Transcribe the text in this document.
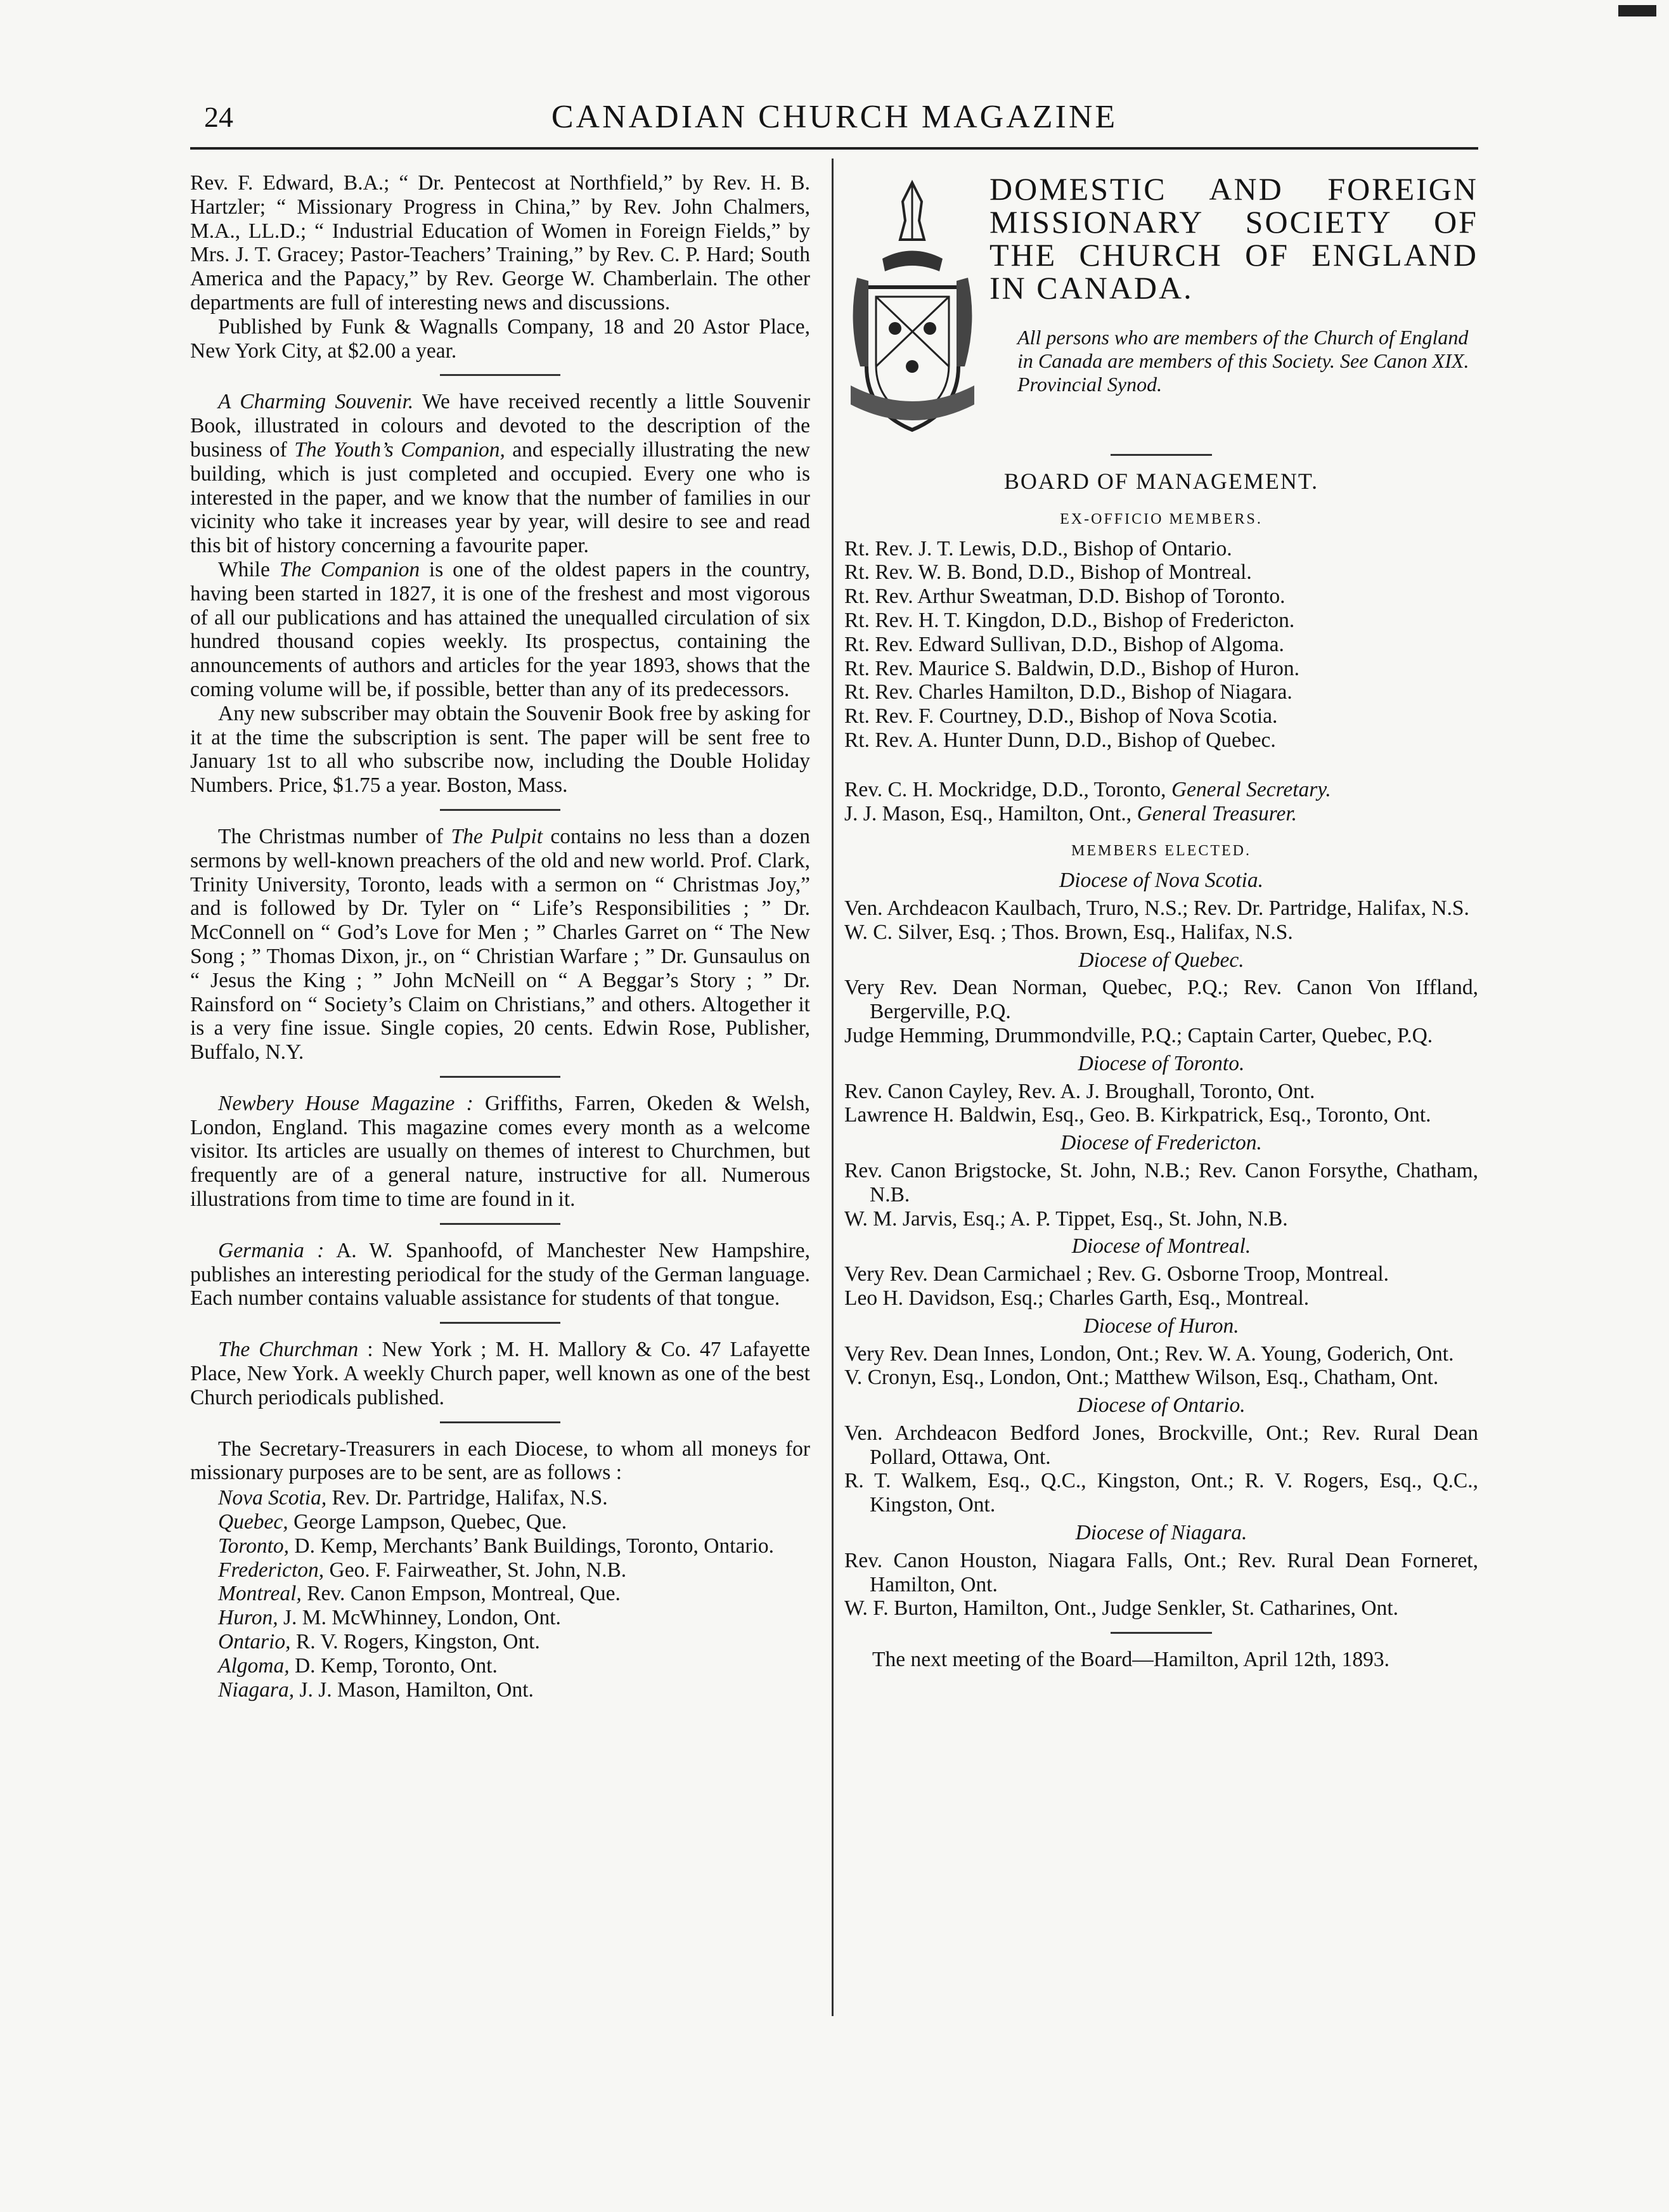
24	CANADIAN CHURCH MAGAZINE

Rev. F. Edward, B.A.; “ Dr. Pentecost at Northfield,” by Rev. H. B. Hartzler; “ Missionary Progress in China,” by Rev. John Chalmers, M.A., LL.D.; “ Industrial Education of Women in Foreign Fields,” by Mrs. J. T. Gracey; Pastor-Teachers’ Training,” by Rev. C. P. Hard; South America and the Papacy,” by Rev. George W. Chamberlain. The other departments are full of interesting news and discussions.

Published by Funk & Wagnalls Company, 18 and 20 Astor Place, New York City, at $2.00 a year.

A Charming Souvenir. We have received recently a little Souvenir Book, illustrated in colours and devoted to the description of the business of The Youth’s Companion, and especially illustrating the new building, which is just completed and occupied. Every one who is interested in the paper, and we know that the number of families in our vicinity who take it increases year by year, will desire to see and read this bit of history concerning a favourite paper.

While The Companion is one of the oldest papers in the country, having been started in 1827, it is one of the freshest and most vigorous of all our publications and has attained the unequalled circulation of six hundred thousand copies weekly. Its prospectus, containing the announcements of authors and articles for the year 1893, shows that the coming volume will be, if possible, better than any of its predecessors.

Any new subscriber may obtain the Souvenir Book free by asking for it at the time the subscription is sent. The paper will be sent free to January 1st to all who subscribe now, including the Double Holiday Numbers. Price, $1.75 a year. Boston, Mass.

The Christmas number of The Pulpit contains no less than a dozen sermons by well-known preachers of the old and new world. Prof. Clark, Trinity University, Toronto, leads with a sermon on “ Christmas Joy,” and is followed by Dr. Tyler on “ Life’s Responsibilities ; ” Dr. McConnell on “ God’s Love for Men ; ” Charles Garret on “ The New Song ; ” Thomas Dixon, jr., on “ Christian Warfare ; ” Dr. Gunsaulus on “ Jesus the King ; ” John McNeill on “ A Beggar’s Story ; ” Dr. Rainsford on “ Society’s Claim on Christians,” and others. Altogether it is a very fine issue. Single copies, 20 cents. Edwin Rose, Publisher, Buffalo, N.Y.

Newbery House Magazine : Griffiths, Farren, Okeden & Welsh, London, England. This magazine comes every month as a welcome visitor. Its articles are usually on themes of interest to Churchmen, but frequently are of a general nature, instructive for all. Numerous illustrations from time to time are found in it.

Germania : A. W. Spanhoofd, of Manchester New Hampshire, publishes an interesting periodical for the study of the German language. Each number contains valuable assistance for students of that tongue.

The Churchman : New York ; M. H. Mallory & Co. 47 Lafayette Place, New York. A weekly Church paper, well known as one of the best Church periodicals published.

The Secretary-Treasurers in each Diocese, to whom all moneys for missionary purposes are to be sent, are as follows :

Nova Scotia, Rev. Dr. Partridge, Halifax, N.S.

Quebec, George Lampson, Quebec, Que.

Toronto, D. Kemp, Merchants’ Bank Buildings, Toronto, Ontario.

Fredericton, Geo. F. Fairweather, St. John, N.B.

Montreal, Rev. Canon Empson, Montreal, Que.

Huron, J. M. McWhinney, London, Ont.

Ontario, R. V. Rogers, Kingston, Ont.

Algoma, D. Kemp, Toronto, Ont.

Niagara, J. J. Mason, Hamilton, Ont.

DOMESTIC AND FOREIGN MISSIONARY SOCIETY OF THE CHURCH OF ENGLAND IN CANADA.
All persons who are members of the Church of England in Canada are members of this Society. See Canon XIX. Provincial Synod.
BOARD OF MANAGEMENT.
EX-OFFICIO MEMBERS.

Rt. Rev. J. T. Lewis, D.D., Bishop of Ontario.

Rt. Rev. W. B. Bond, D.D., Bishop of Montreal.

Rt. Rev. Arthur Sweatman, D.D. Bishop of Toronto.

Rt. Rev. H. T. Kingdon, D.D., Bishop of Fredericton.

Rt. Rev. Edward Sullivan, D.D., Bishop of Algoma.

Rt. Rev. Maurice S. Baldwin, D.D., Bishop of Huron.

Rt. Rev. Charles Hamilton, D.D., Bishop of Niagara.

Rt. Rev. F. Courtney, D.D., Bishop of Nova Scotia.

Rt. Rev. A. Hunter Dunn, D.D., Bishop of Quebec.

Rev. C. H. Mockridge, D.D., Toronto, General Secretary.

J. J. Mason, Esq., Hamilton, Ont., General Treasurer.

MEMBERS ELECTED.
Diocese of Nova Scotia.

Ven. Archdeacon Kaulbach, Truro, N.S.; Rev. Dr. Partridge, Halifax, N.S.

W. C. Silver, Esq. ; Thos. Brown, Esq., Halifax, N.S.

Diocese of Quebec.

Very Rev. Dean Norman, Quebec, P.Q.; Rev. Canon Von Iffland, Bergerville, P.Q.

Judge Hemming, Drummondville, P.Q.; Captain Carter, Quebec, P.Q.

Diocese of Toronto.

Rev. Canon Cayley, Rev. A. J. Broughall, Toronto, Ont.

Lawrence H. Baldwin, Esq., Geo. B. Kirkpatrick, Esq., Toronto, Ont.

Diocese of Fredericton.

Rev. Canon Brigstocke, St. John, N.B.; Rev. Canon Forsythe, Chatham, N.B.

W. M. Jarvis, Esq.; A. P. Tippet, Esq., St. John, N.B.

Diocese of Montreal.

Very Rev. Dean Carmichael ; Rev. G. Osborne Troop, Montreal.

Leo H. Davidson, Esq.; Charles Garth, Esq., Montreal.

Diocese of Huron.

Very Rev. Dean Innes, London, Ont.; Rev. W. A. Young, Goderich, Ont.

V. Cronyn, Esq., London, Ont.; Matthew Wilson, Esq., Chatham, Ont.

Diocese of Ontario.

Ven. Archdeacon Bedford Jones, Brockville, Ont.; Rev. Rural Dean Pollard, Ottawa, Ont.

R. T. Walkem, Esq., Q.C., Kingston, Ont.; R. V. Rogers, Esq., Q.C., Kingston, Ont.

Diocese of Niagara.

Rev. Canon Houston, Niagara Falls, Ont.; Rev. Rural Dean Forneret, Hamilton, Ont.

W. F. Burton, Hamilton, Ont., Judge Senkler, St. Catharines, Ont.

The next meeting of the Board—Hamilton, April 12th, 1893.
